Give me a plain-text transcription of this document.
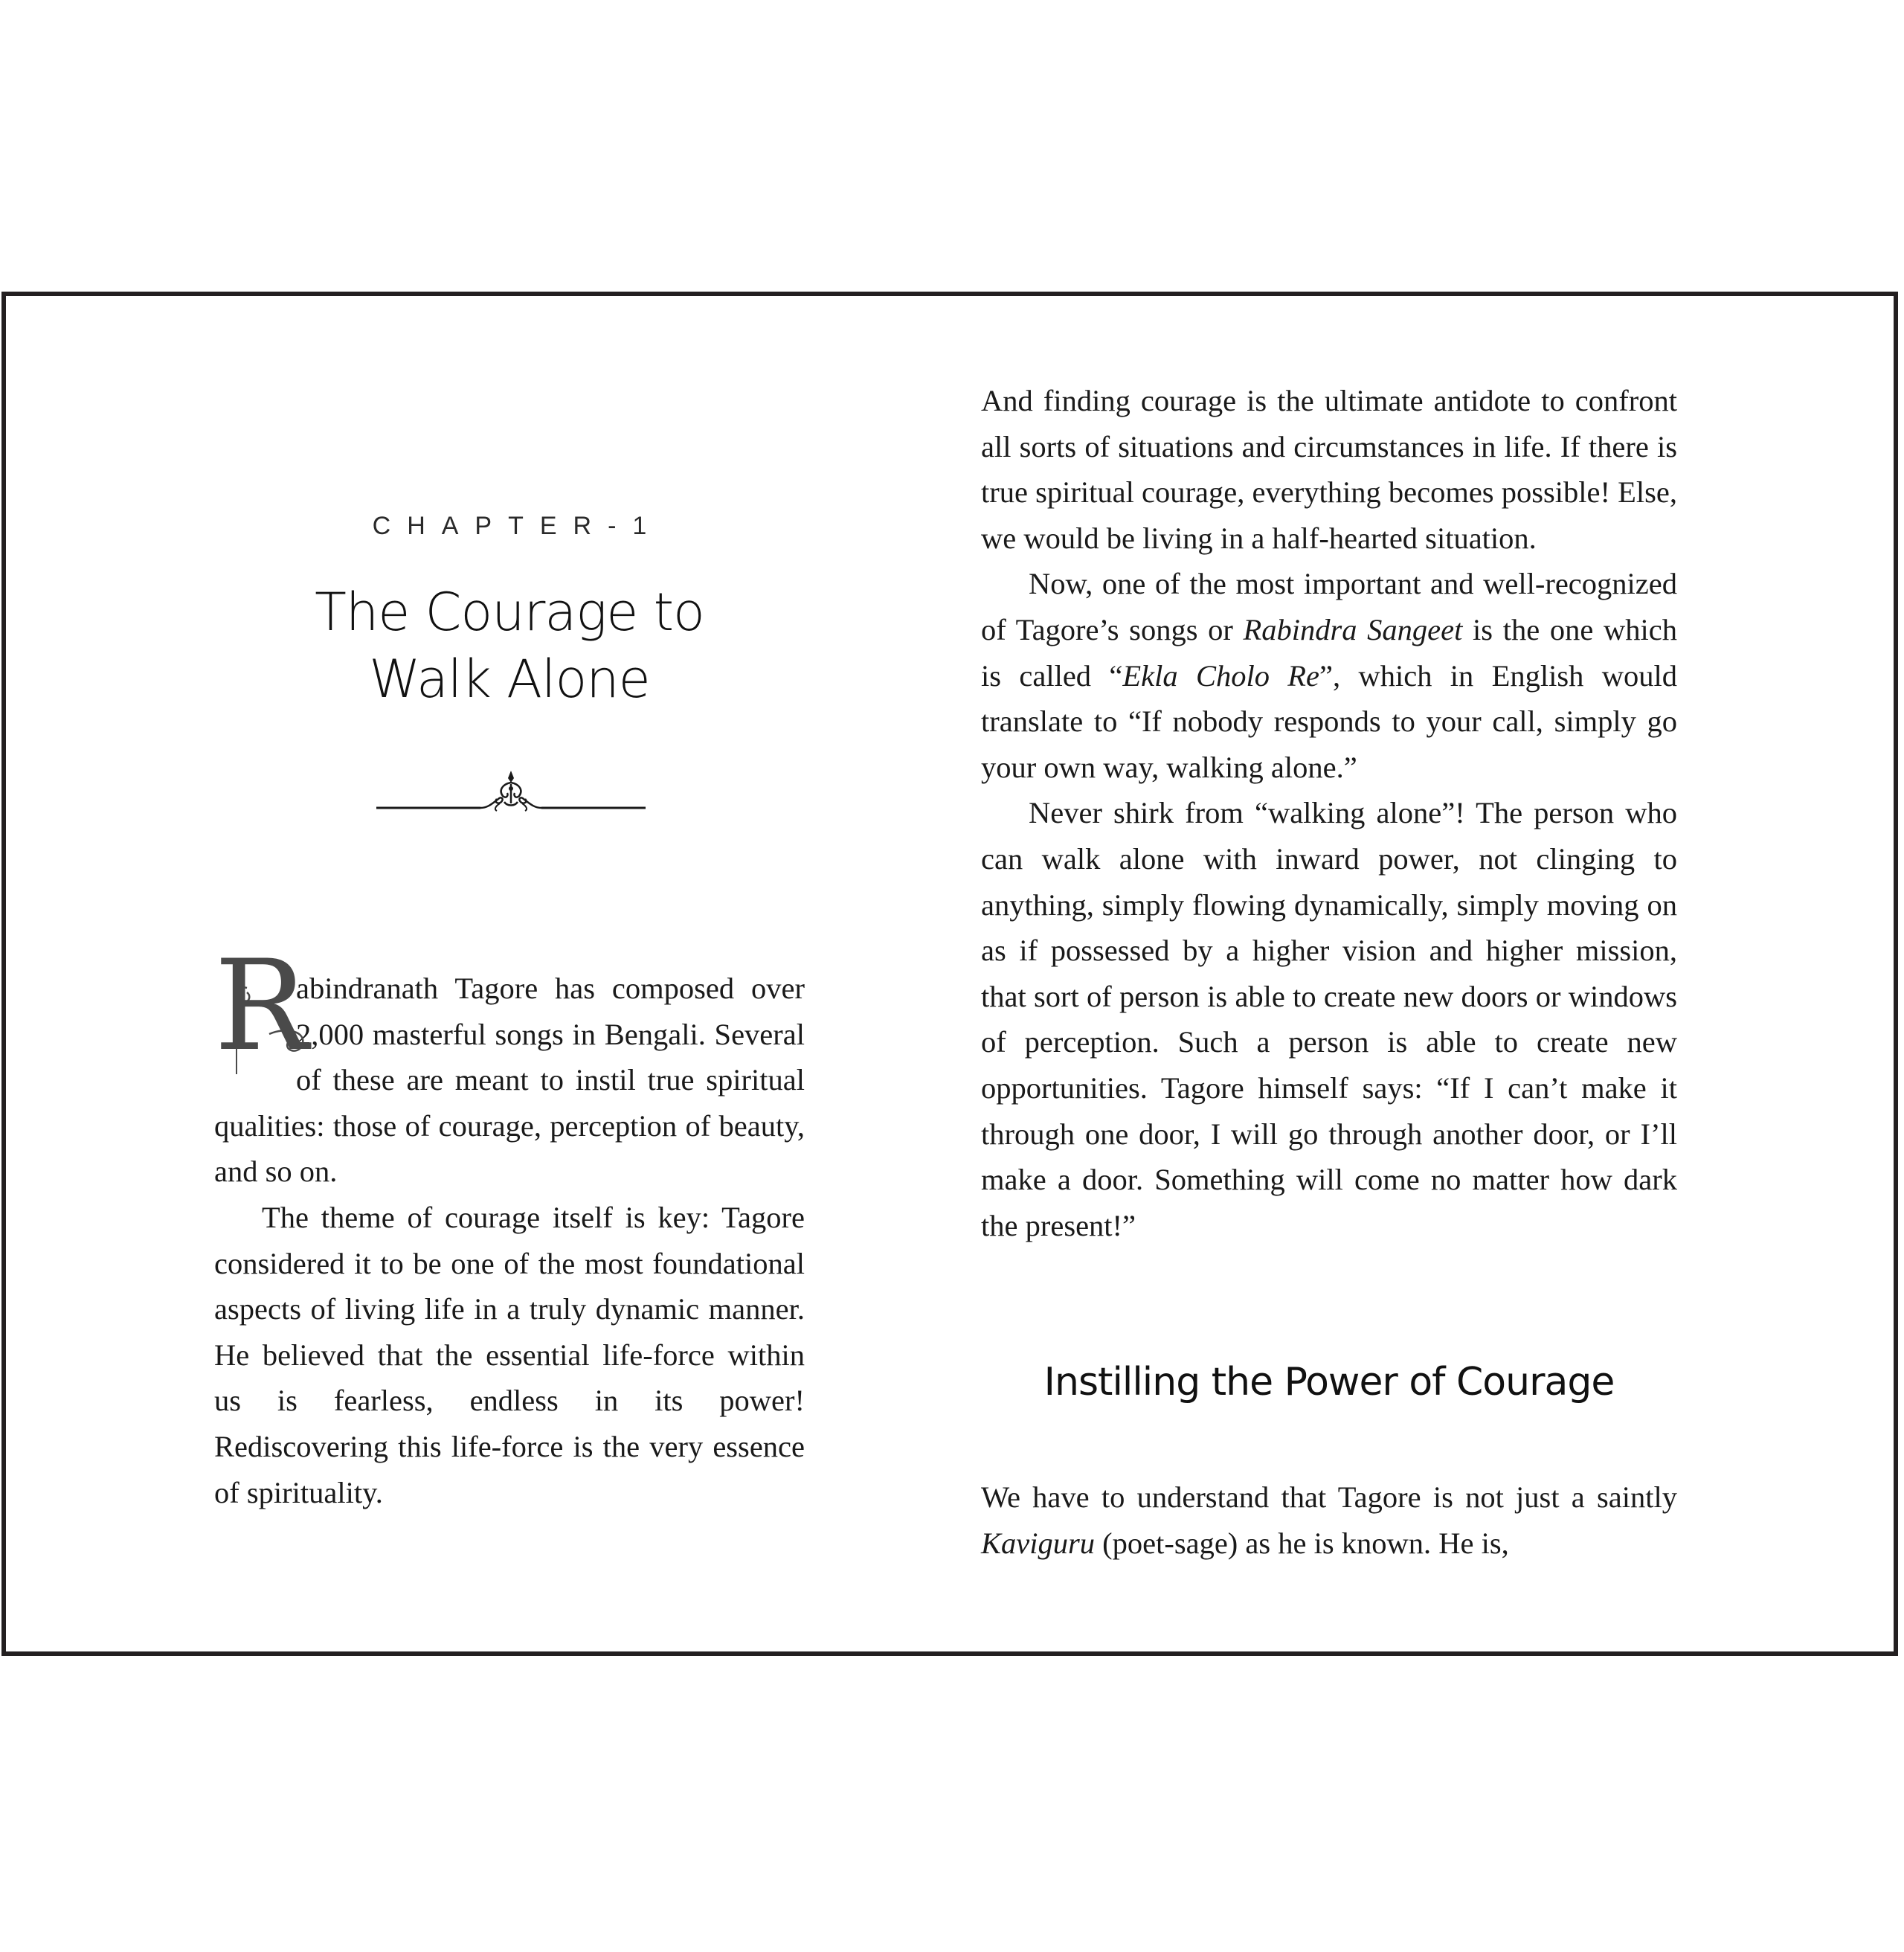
CHAPTER-1
The Courage to
Walk Alone

R
abindranath Tagore has composed over 2,000 masterful songs in Bengali. Several of these are meant to instil true spiritual qualities: those of courage, perception of beauty, and so on.

The theme of courage itself is key: Tagore considered it to be one of the most foundational aspects of living life in a truly dynamic manner. He believed that the essential life-force within us is fearless, endless in its power! Rediscovering this life-force is the very essence of spirituality.

And finding courage is the ultimate antidote to confront all sorts of situations and circumstances in life. If there is true spiritual courage, everything becomes possible! Else, we would be living in a half-hearted situation.

Now, one of the most important and well-recognized of Tagore’s songs or Rabindra Sangeet is the one which is called “Ekla Cholo Re”, which in English would translate to “If nobody responds to your call, simply go your own way, walking alone.”

Never shirk from “walking alone”! The person who can walk alone with inward power, not clinging to anything, simply flowing dynamically, simply moving on as if possessed by a higher vision and higher mission, that sort of person is able to create new doors or windows of perception. Such a person is able to create new opportunities. Tagore himself says: “If I can’t make it through one door, I will go through another door, or I’ll make a door. Something will come no matter how dark the present!”

Instilling the Power of Courage

We have to understand that Tagore is not just a saintly Kaviguru (poet-sage) as he is known. He is,
